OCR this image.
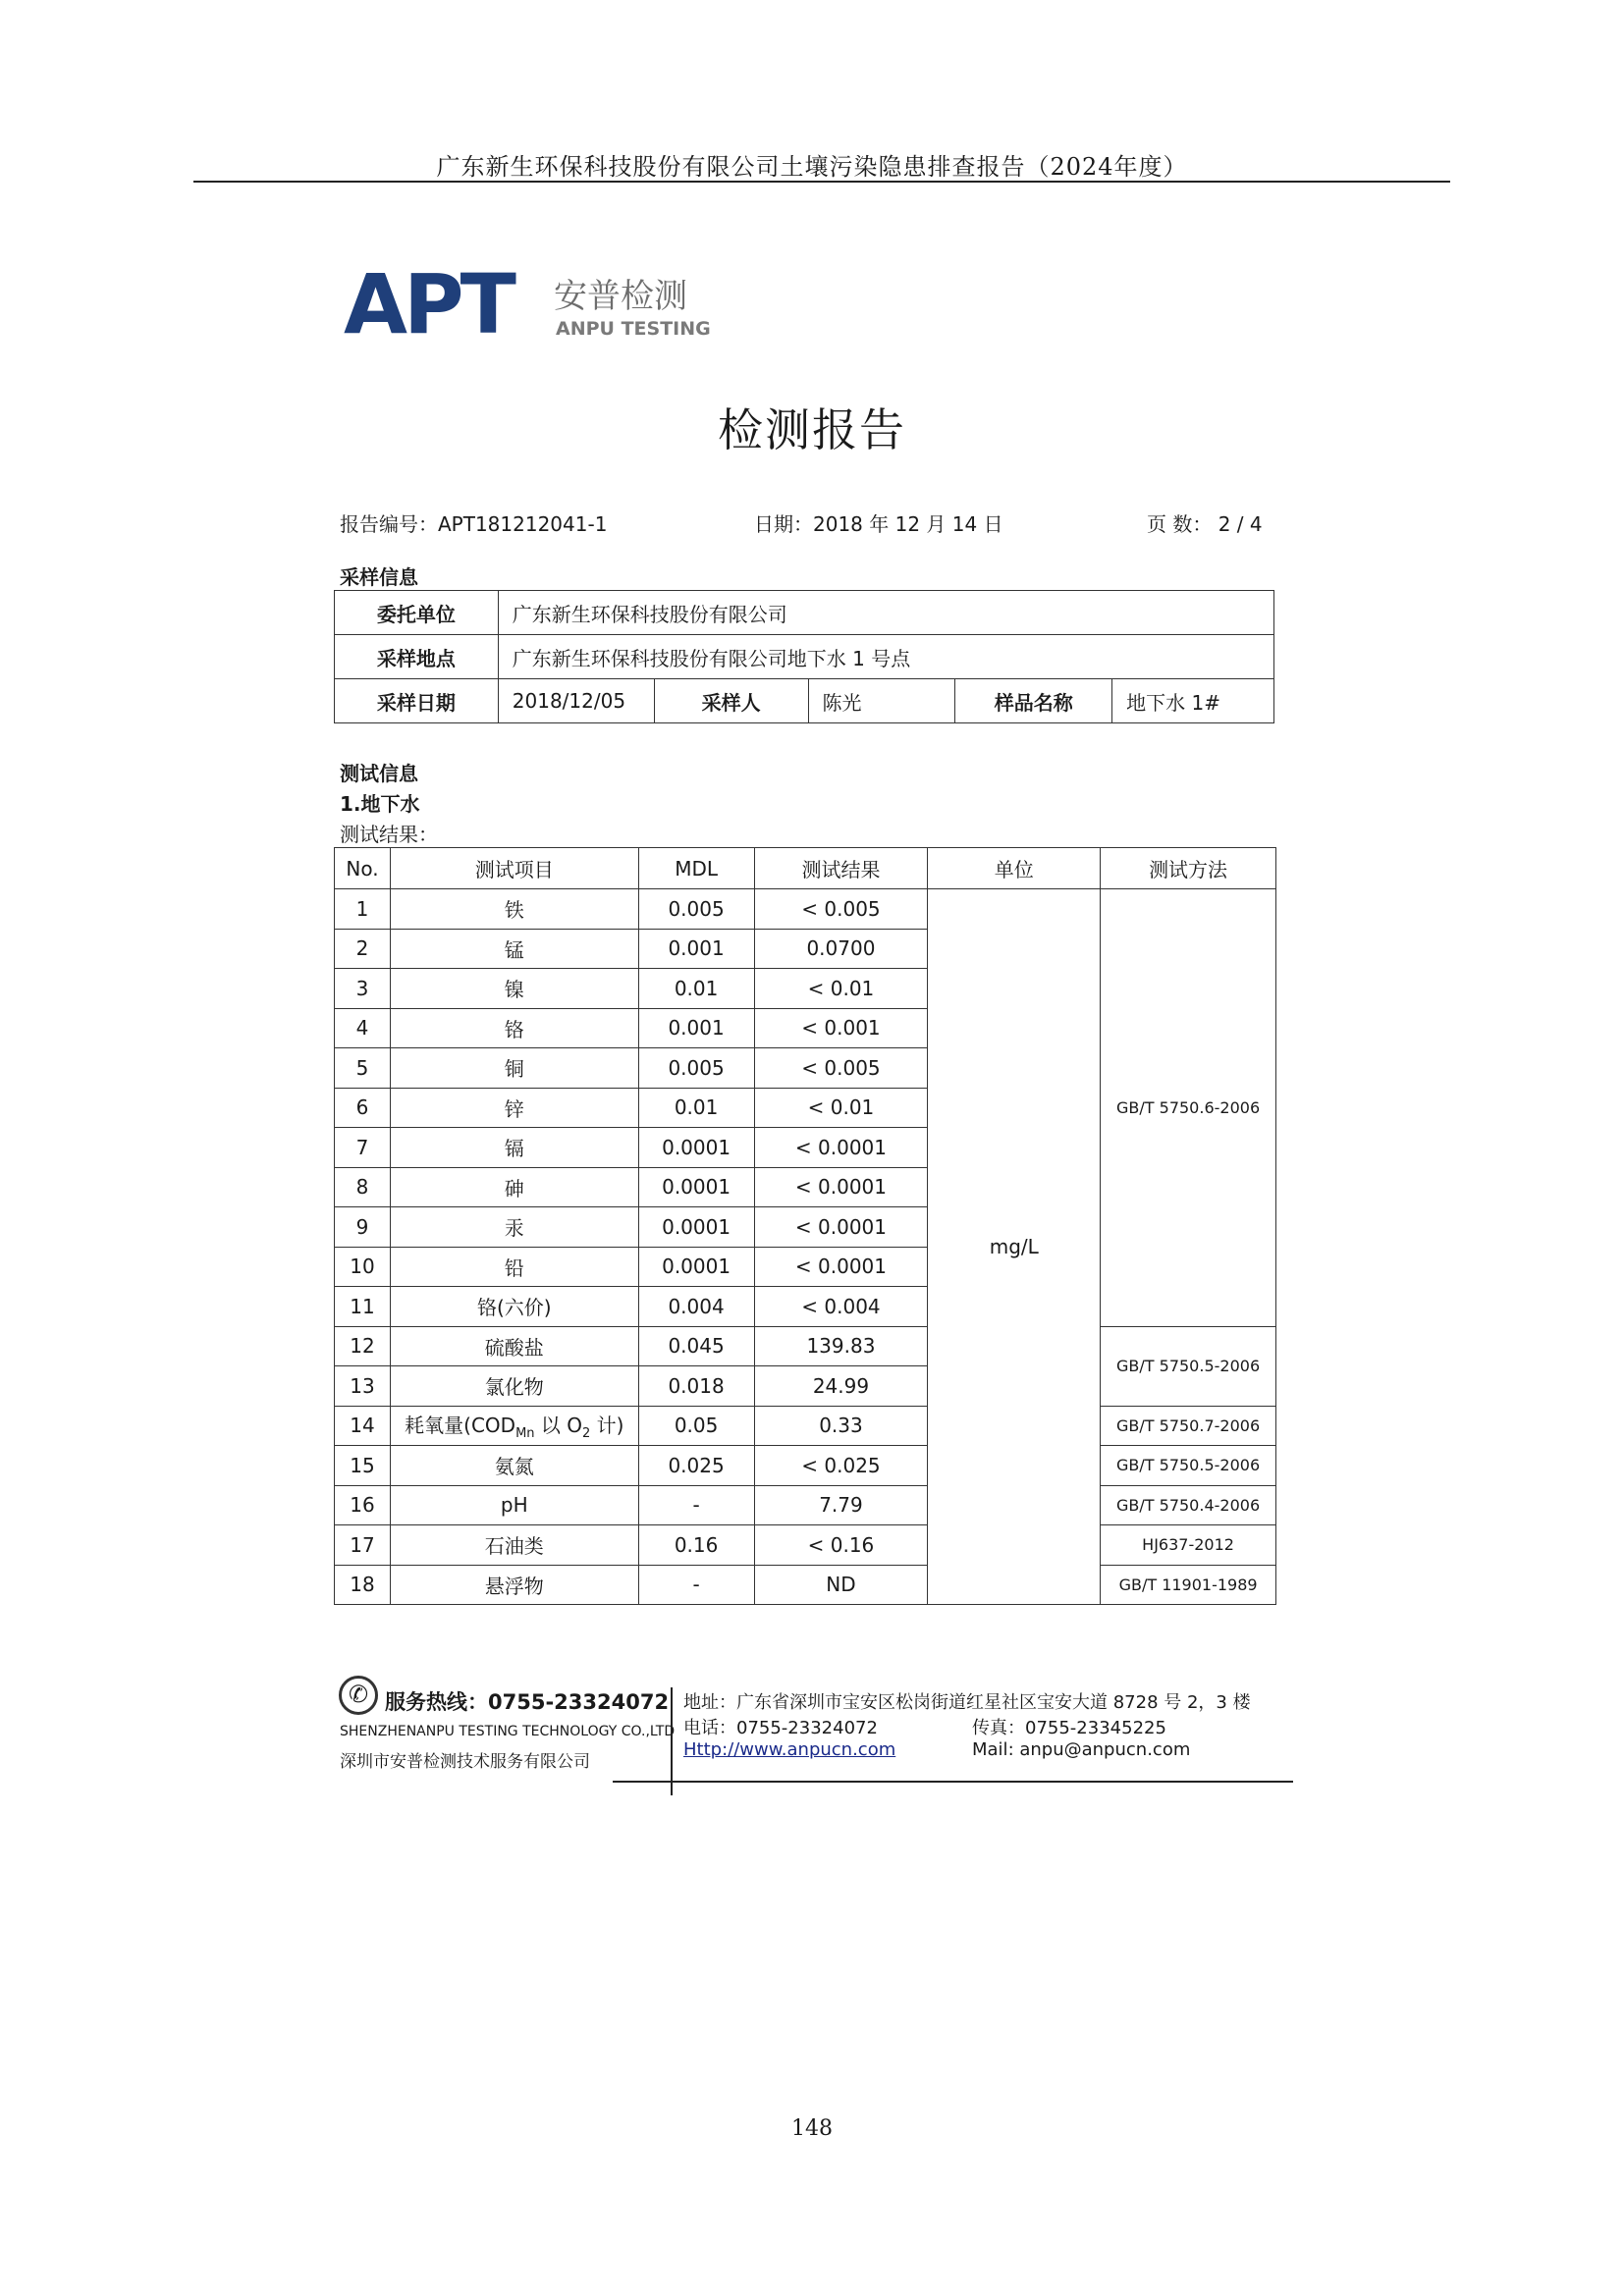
广东新生环保科技股份有限公司土壤污染隐患排查报告（2024年度）
APT 安普检测
ANPU TESTING
检测报告
报告编号：APT181212041-1	日期：2018 年 12 月 14 日	页 数： 2 / 4
采样信息
委托单位	广东新生环保科技股份有限公司				
采样地点	广东新生环保科技股份有限公司地下水 1 号点				
采样日期	2018/12/05	采样人	陈光	样品名称	地下水 1#
测试信息
1.地下水
测试结果：
No.	测试项目	MDL	测试结果	单位	测试方法
1	铁	0.005	< 0.005	mg/L	GB/T 5750.6-2006
2	锰	0.001	0.0700		
3	镍	0.01	< 0.01		
4	铬	0.001	< 0.001		
5	铜	0.005	< 0.005		
6	锌	0.01	< 0.01		
7	镉	0.0001	< 0.0001		
8	砷	0.0001	< 0.0001		
9	汞	0.0001	< 0.0001		
10	铅	0.0001	< 0.0001		
11	铬(六价)	0.004	< 0.004		
12	硫酸盐	0.045	139.83		GB/T 5750.5-2006
13	氯化物	0.018	24.99		
14	耗氧量($COD_{Mn}$ 以 $O_2$ 计)	0.05	0.33		GB/T 5750.7-2006
15	氨氮	0.025	< 0.025		GB/T 5750.5-2006
16	pH	-	7.79		GB/T 5750.4-2006
17	石油类	0.16	< 0.16		HJ637-2012
18	悬浮物	-	ND		GB/T 11901-1989
✆ 服务热线：0755-23324072
SHENZHENANPU TESTING TECHNOLOGY CO.,LTD
深圳市安普检测技术服务有限公司
地址：广东省深圳市宝安区松岗街道红星社区宝安大道 8728 号 2，3 楼
电话：0755-23324072	传真：0755-23345225
Http://www.anpucn.com	Mail: anpu@anpucn.com
148
